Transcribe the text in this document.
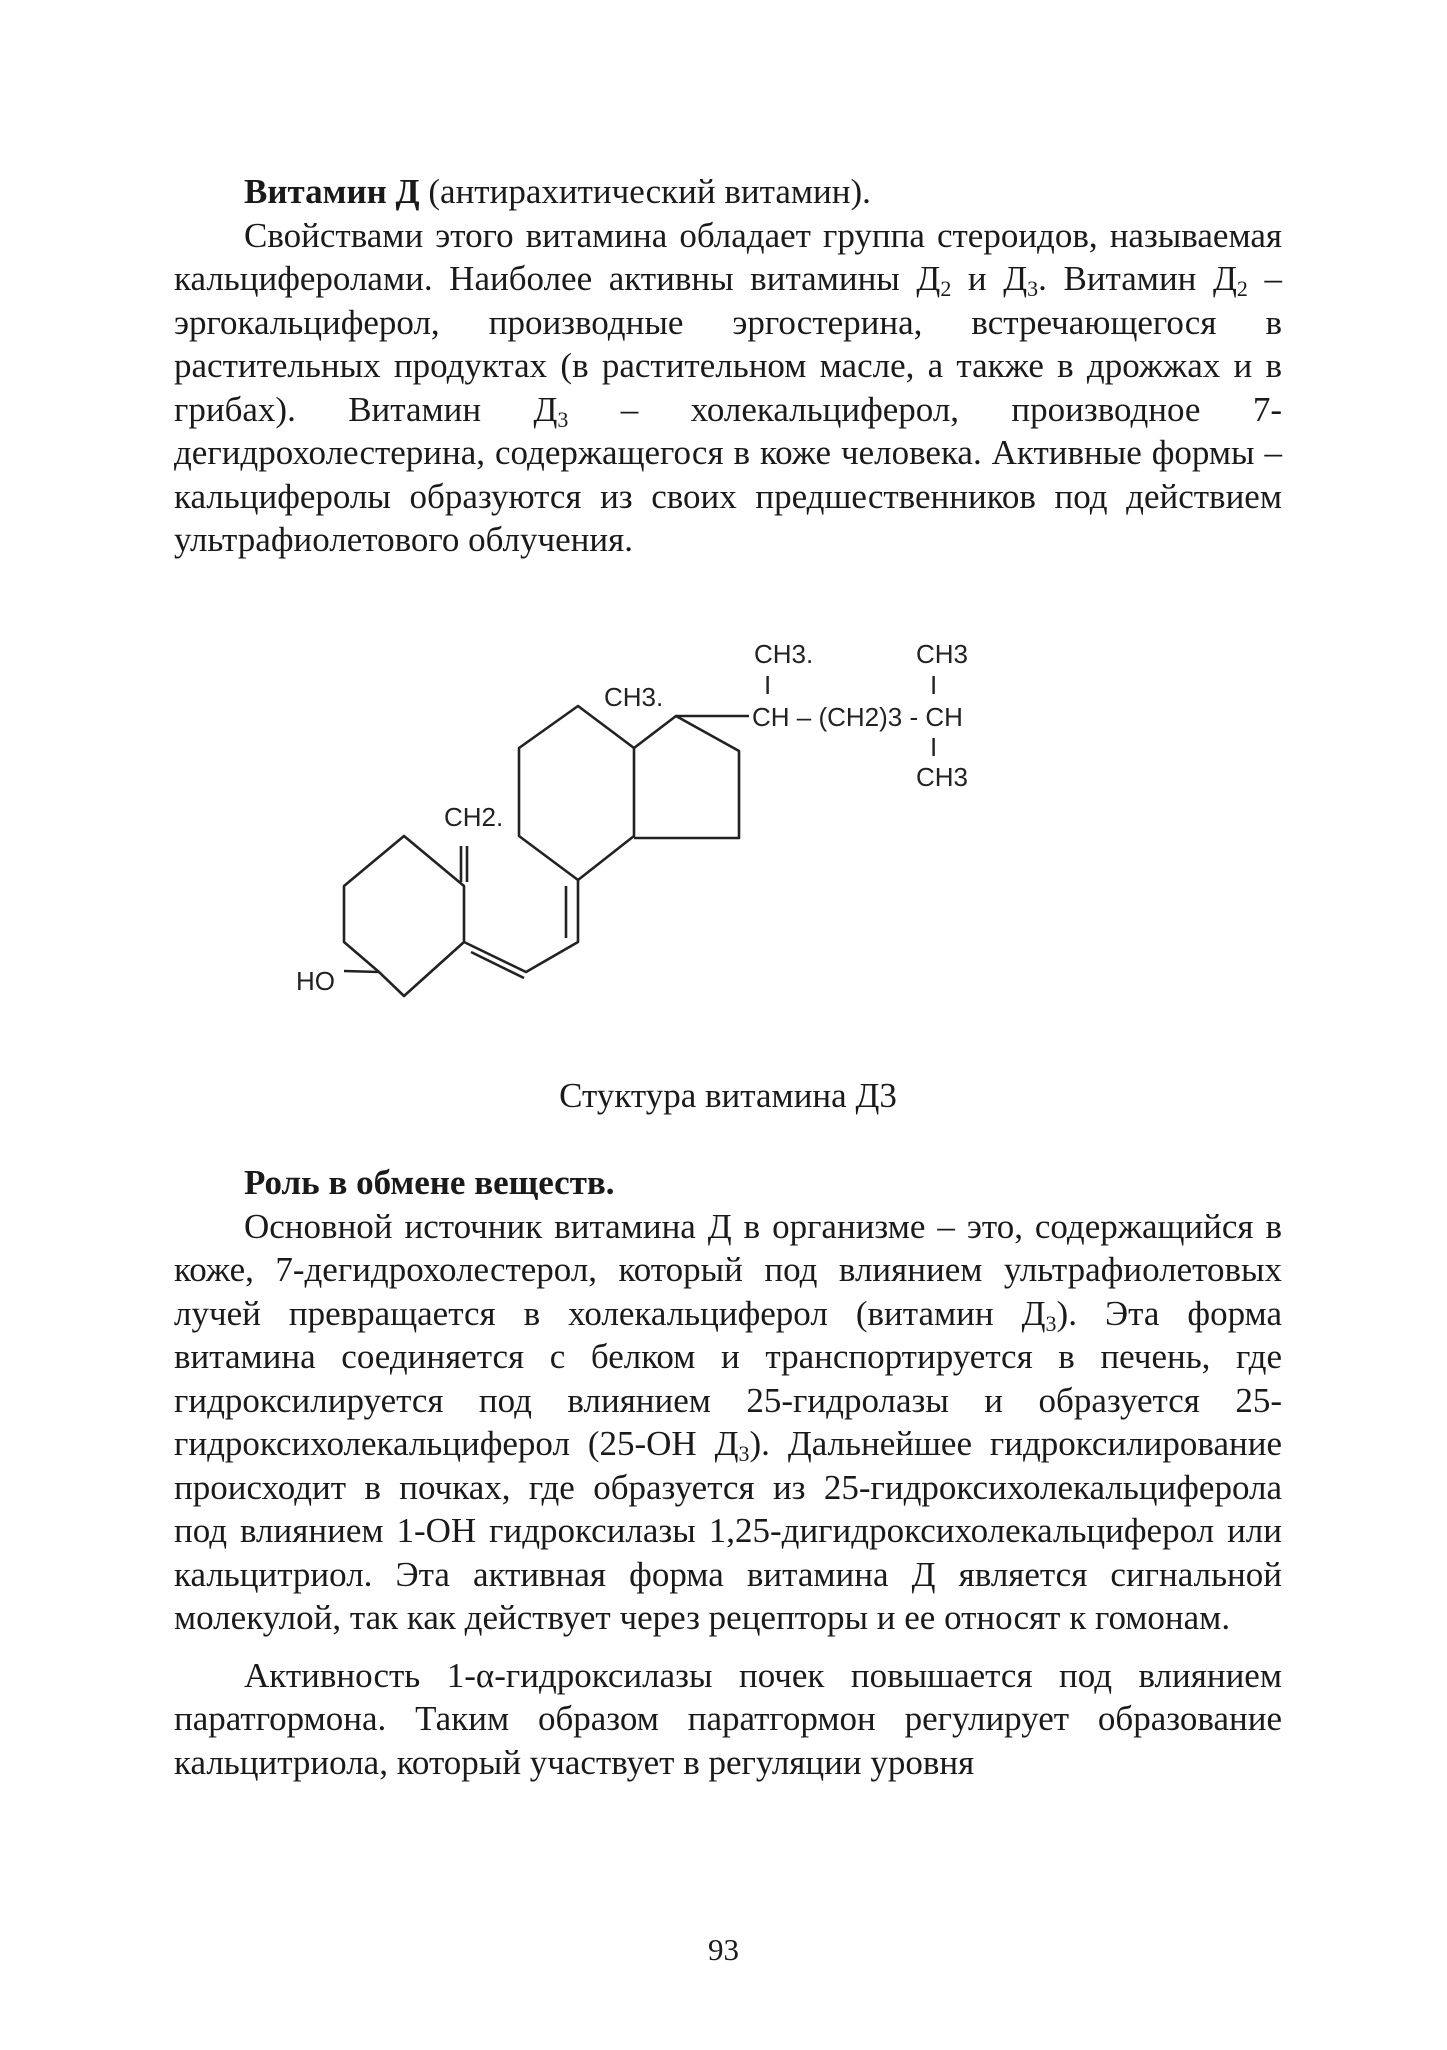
Витамин Д (антирахитический витамин).

Свойствами этого витамина обладает группа стероидов, называемая кальциферолами. Наиболее активны витамины $Д_2$ и $Д_3$. Витамин $Д_2$ – эргокальциферол, производные эргостерина, встречающегося в растительных продуктах (в растительном масле, а также в дрожжах и в грибах). Витамин $Д_3$ – холекальциферол, производное 7-дегидрохолестерина, содержащегося в коже человека. Активные формы – кальциферолы образуются из своих предшественников под действием ультрафиолетового облучения.

CH3.	CH3
I	I
CH3.
CH – (CH2)3 - CH
I
CH3
CH2.
HO

Стуктура витамина Д3

Роль в обмене веществ.

Основной источник витамина Д в организме – это, содержащийся в коже, 7-дегидрохолестерол, который под влиянием ультрафиолетовых лучей превращается в холекальциферол (витамин $Д_3$). Эта форма витамина соединяется с белком и транспортируется в печень, где гидроксилируется под влиянием 25-гидролазы и образуется 25-гидроксихолекальциферол (25-ОН $Д_3$). Дальнейшее гидроксилирование происходит в почках, где образуется из 25-гидроксихолекальциферола под влиянием 1-ОН гидроксилазы 1,25-дигидроксихолекальциферол или кальцитриол. Эта активная форма витамина Д является сигнальной молекулой, так как действует через рецепторы и ее относят к гомонам.

Активность 1-α-гидроксилазы почек повышается под влиянием паратгормона. Таким образом паратгормон регулирует образование кальцитриола, который участвует в регуляции уровня

93
